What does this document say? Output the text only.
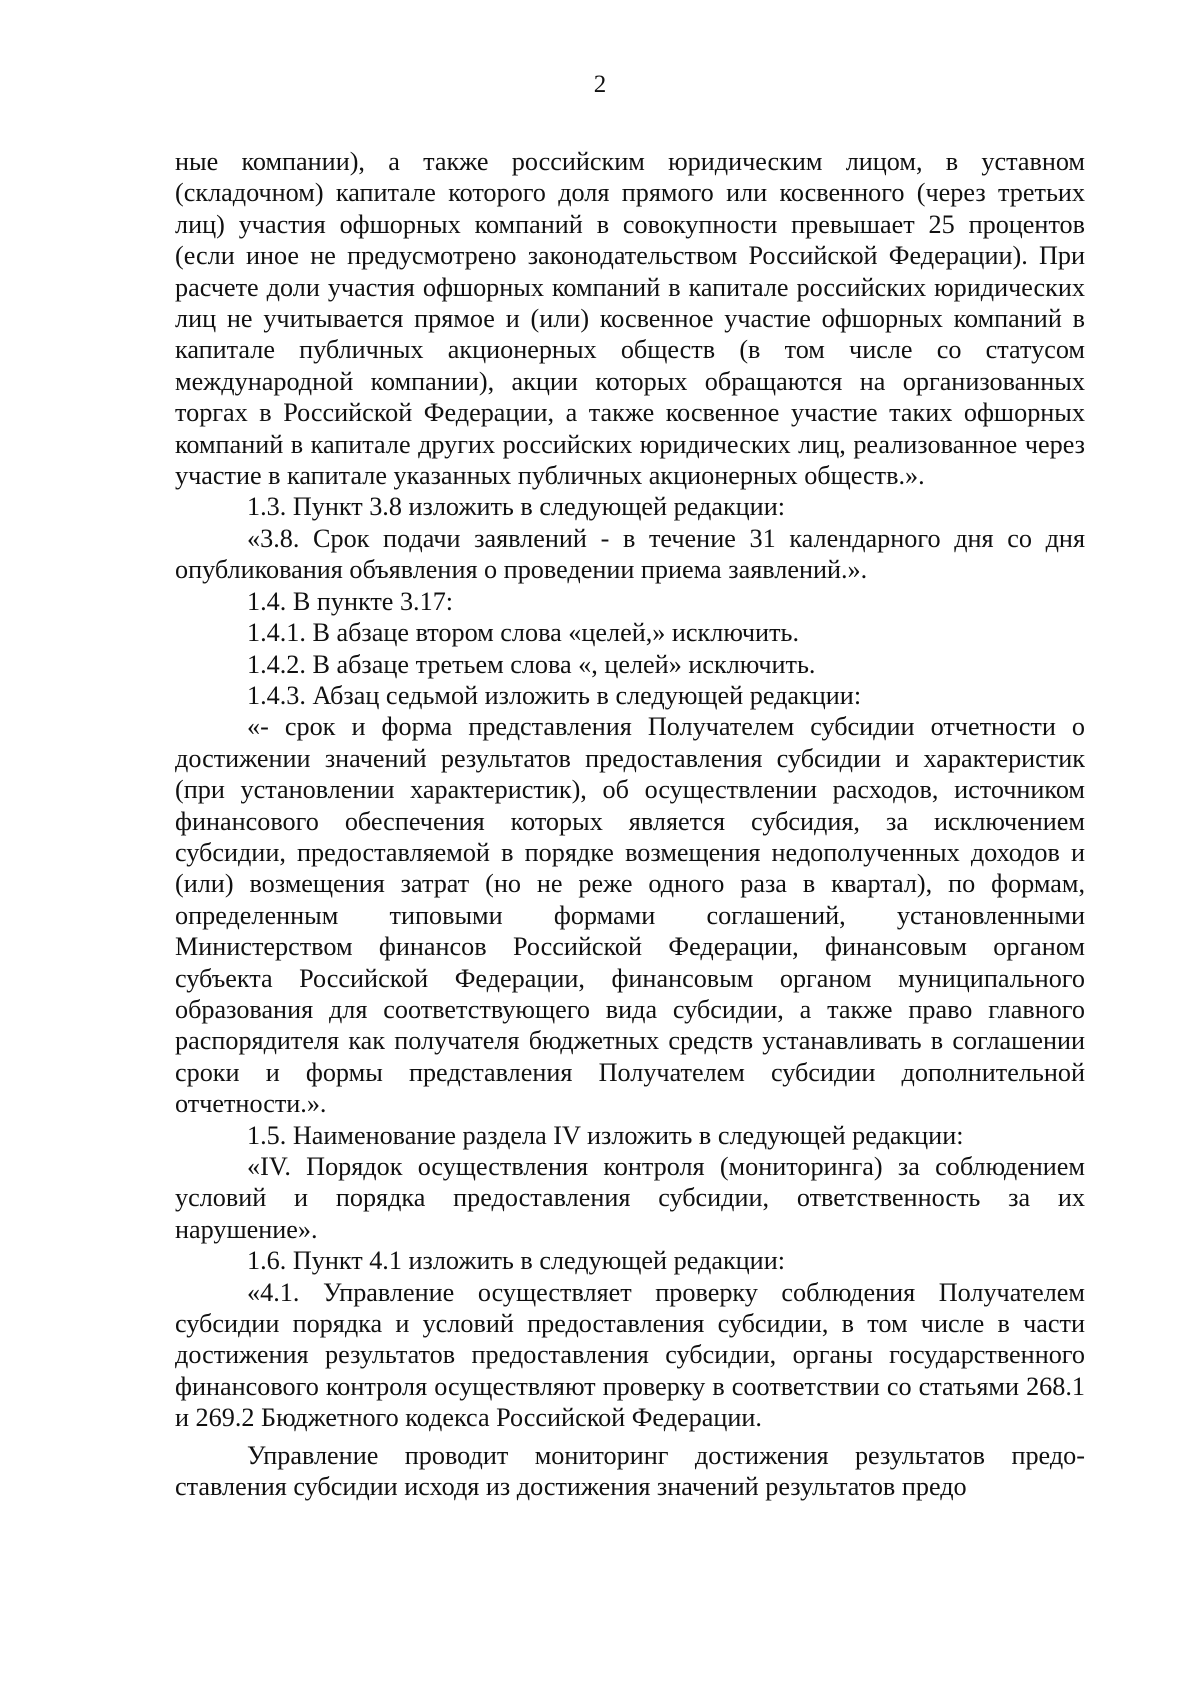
2

ные компании), а также российским юридическим лицом, в уставном (складочном) капитале которого доля прямого или косвенного (через третьих лиц) участия офшорных компаний в совокупности превышает 25 процентов (если иное не предусмотрено законодательством Российской Федерации). При расчете доли участия офшорных компаний в капитале российских юридических лиц не учитывается прямое и (или) косвенное участие офшорных компаний в капитале публичных акционерных обществ (в том числе со статусом международной компании), акции которых обращаются на организованных торгах в Российской Федерации, а также косвенное участие таких офшорных компаний в капитале других российских юридических лиц, реализованное через участие в капитале указанных публичных акционерных обществ.».

1.3. Пункт 3.8 изложить в следующей редакции:

«3.8. Срок подачи заявлений - в течение 31 календарного дня со дня опубликования объявления о проведении приема заявлений.».

1.4. В пункте 3.17:

1.4.1. В абзаце втором слова «целей,» исключить.

1.4.2. В абзаце третьем слова «, целей» исключить.

1.4.3. Абзац седьмой изложить в следующей редакции:

«- срок и форма представления Получателем субсидии отчетности о достижении значений результатов предоставления субсидии и характеристик (при установлении характеристик), об осуществлении расходов, источником финансового обеспечения которых является субсидия, за исключением субсидии, предоставляемой в порядке возмещения недополученных доходов и (или) возмещения затрат (но не реже одного раза в квартал), по формам, определенным типовыми формами соглашений, установленными Министерством финансов Российской Федерации, финансовым органом субъекта Российской Федерации, финансовым органом муниципального образования для соответствующего вида субсидии, а также право главного распорядителя как получателя бюджетных средств устанавливать в соглашении сроки и формы представления Получателем субсидии дополнительной отчетности.».

1.5. Наименование раздела IV изложить в следующей редакции:

«IV. Порядок осуществления контроля (мониторинга) за соблюдением условий и порядка предоставления субсидии, ответственность за их нарушение».

1.6. Пункт 4.1 изложить в следующей редакции:

«4.1. Управление осуществляет проверку соблюдения Получателем субсидии порядка и условий предоставления субсидии, в том числе в части достижения результатов предоставления субсидии, органы государственного финансового контроля осуществляют проверку в соответствии со статьями 268.1 и 269.2 Бюджетного кодекса Российской Федерации.

Управление проводит мониторинг достижения результатов предоставления субсидии исходя из достижения значений результатов предо
